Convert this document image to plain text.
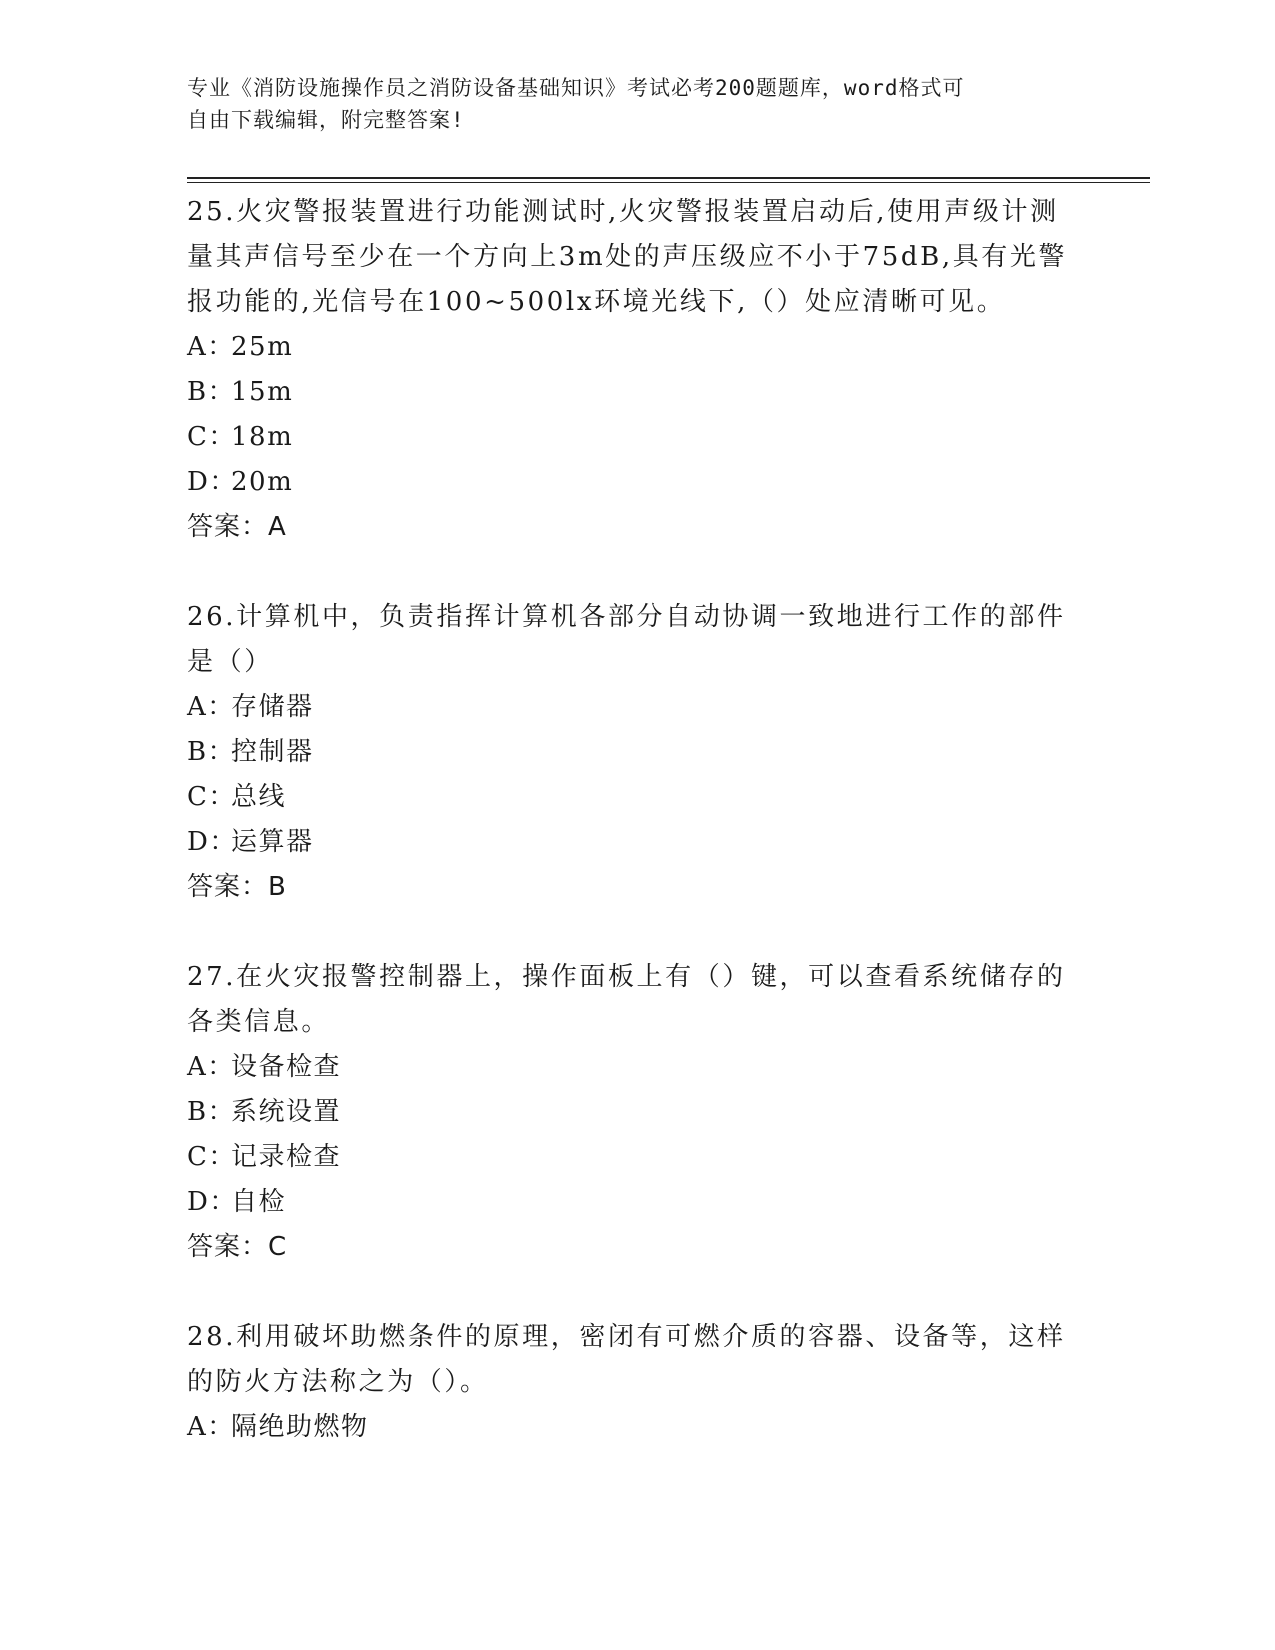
专业《消防设施操作员之消防设备基础知识》考试必考200题题库，word格式可
自由下载编辑，附完整答案!
25.火灾警报装置进行功能测试时,火灾警报装置启动后,使用声级计测量其声信号至少在一个方向上3m处的声压级应不小于75dB,具有光警报功能的,光信号在100~500lx环境光线下,（）处应清晰可见。
A：
25m
B：
15m
C：
18m
D：
20m
答案：A
26.计算机中，负责指挥计算机各部分自动协调一致地进行工作的部件是（）
A：
存储器
B：
控制器
C：
总线
D：
运算器
答案：B
27.在火灾报警控制器上，操作面板上有（）键，可以查看系统储存的各类信息。
A：
设备检查
B：
系统设置
C：
记录检查
D：
自检
答案：C
28.利用破坏助燃条件的原理，密闭有可燃介质的容器、设备等，这样的防火方法称之为（）。
A：
隔绝助燃物
